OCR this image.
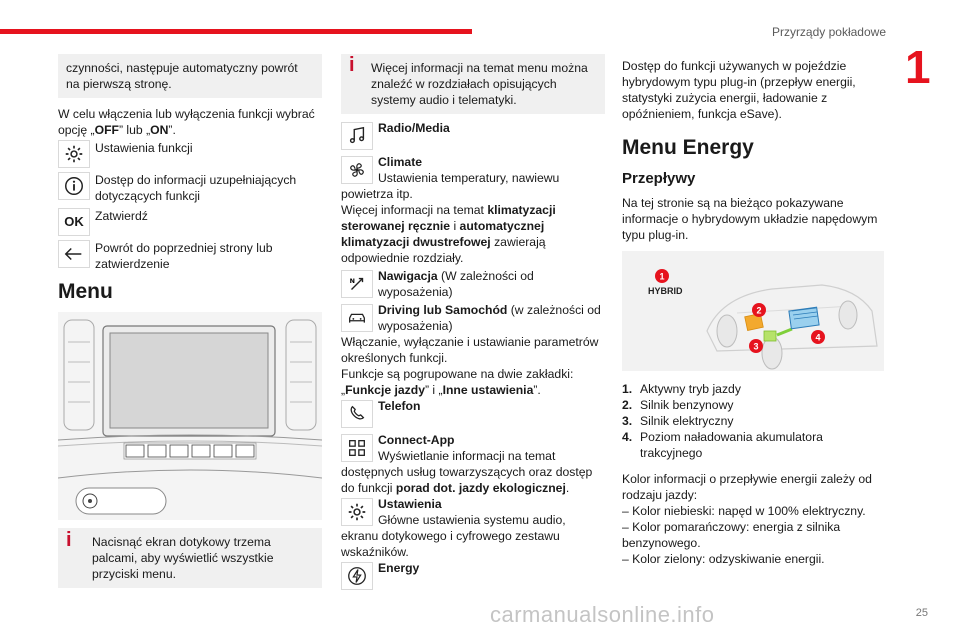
Przyrządy pokładowe
1
czynności, następuje automatyczny powrót na pierwszą stronę.

W celu włączenia lub wyłączenia funkcji wybrać opcję „OFF” lub „ON”.

Ustawienia funkcji
Dostęp do informacji uzupełniających dotyczących funkcji
OK Zatwierdź
Powrót do poprzedniej strony lub zatwierdzenie
Menu
i Nacisnąć ekran dotykowy trzema palcami, aby wyświetlić wszystkie przyciski menu.
i Więcej informacji na temat menu można znaleźć w rozdziałach opisujących systemy audio i telematyki.
Radio/Media
Climate
Ustawienia temperatury, nawiewu powietrza itp.

Więcej informacji na temat klimatyzacji sterowanej ręcznie i automatycznej klimatyzacji dwustrefowej zawierają odpowiednie rozdziały.

N Nawigacja (W zależności od wyposażenia)
Driving lub Samochód (w zależności od wyposażenia)

Włączanie, wyłączanie i ustawianie parametrów określonych funkcji.

Funkcje są pogrupowane na dwie zakładki: „Funkcje jazdy” i „Inne ustawienia”.

Telefon
Connect-App
Wyświetlanie informacji na temat dostępnych usług towarzyszących oraz dostęp do funkcji porad dot. jazdy ekologicznej.
Ustawienia
Główne ustawienia systemu audio, ekranu dotykowego i cyfrowego zestawu wskaźników.
Energy

Dostęp do funkcji używanych w pojeździe hybrydowym typu plug-in (przepływ energii, statystyki zużycia energii, ładowanie z opóźnieniem, funkcja eSave).

Menu Energy
Przepływy

Na tej stronie są na bieżąco pokazywane informacje o hybrydowym układzie napędowym typu plug-in.

1
HYBRID
2
3
4
1. Aktywny tryb jazdy
2. Silnik benzynowy
3. Silnik elektryczny
4. Poziom naładowania akumulatora trakcyjnego

Kolor informacji o przepływie energii zależy od rodzaju jazdy:

– Kolor niebieski: napęd w 100% elektryczny.

– Kolor pomarańczowy: energia z silnika benzynowego.

– Kolor zielony: odzyskiwanie energii.

carmanualsonline.info	25
